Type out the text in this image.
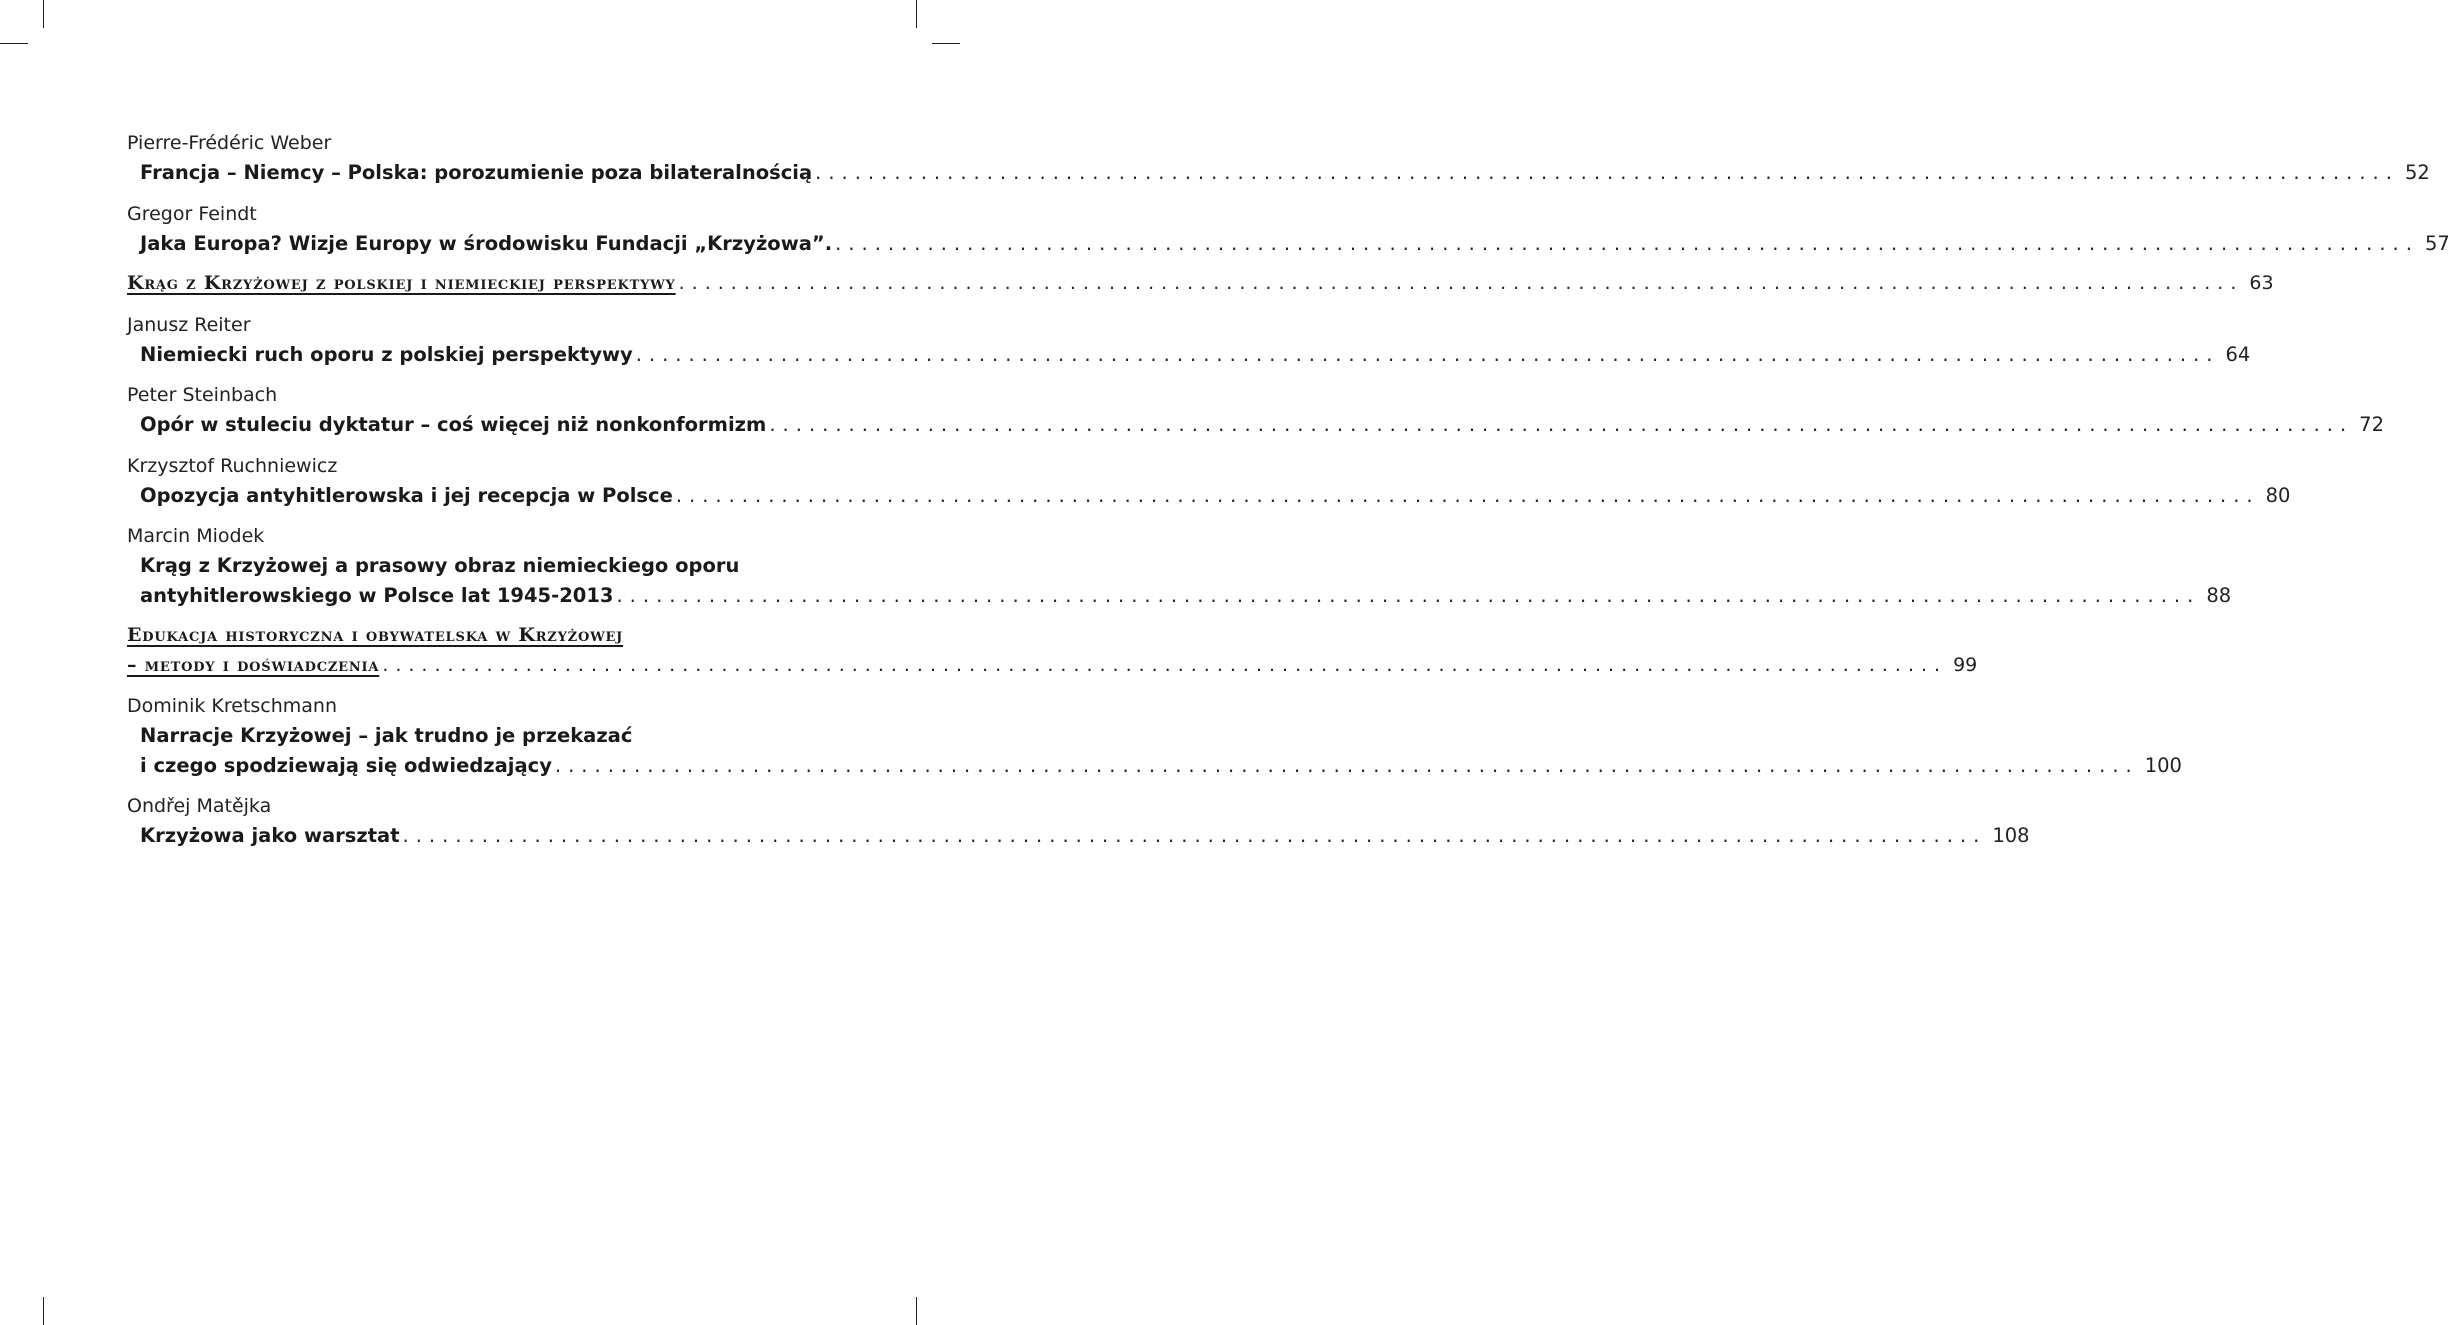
Pierre-Frédéric Weber
Francja – Niemcy – Polska: porozumienie poza bilateralnością ........................................................................................................................ 52
Gregor Feindt
Jaka Europa? Wizje Europy w środowisku Fundacji „Krzyżowa”. ........................................................................................................................ 57
Krąg z Krzyżowej z polskiej i niemieckiej perspektywy ........................................................................................................................ 63
Janusz Reiter
Niemiecki ruch oporu z polskiej perspektywy ........................................................................................................................ 64
Peter Steinbach
Opór w stuleciu dyktatur – coś więcej niż nonkonformizm ........................................................................................................................ 72
Krzysztof Ruchniewicz
Opozycja antyhitlerowska i jej recepcja w Polsce ........................................................................................................................ 80
Marcin Miodek
Krąg z Krzyżowej a prasowy obraz niemieckiego oporu
antyhitlerowskiego w Polsce lat 1945-2013 ........................................................................................................................ 88
Edukacja historyczna i obywatelska w Krzyżowej
– metody i doświadczenia ........................................................................................................................ 99
Dominik Kretschmann
Narracje Krzyżowej – jak trudno je przekazać
i czego spodziewają się odwiedzający ........................................................................................................................ 100
Ondřej Matějka
Krzyżowa jako warsztat ........................................................................................................................ 108
